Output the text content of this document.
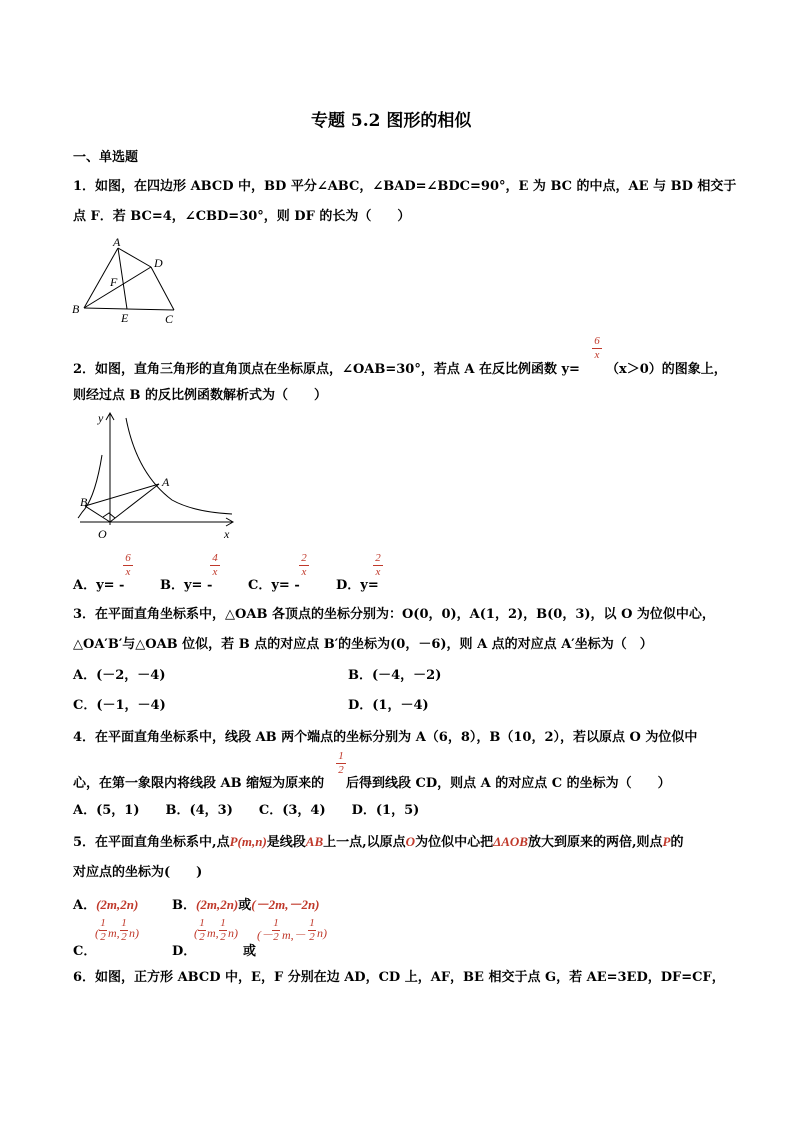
专题 5.2 图形的相似
一、单选题
1．如图，在四边形 ABCD 中，BD 平分∠ABC，∠BAD=∠BDC=90°，E 为 BC 的中点，AE 与 BD 相交于
点 F．若 BC=4，∠CBD=30°，则 DF 的长为（　　）
A
D
F
B
E	C
2．如图，直角三角形的直角顶点在坐标原点，∠OAB=30°，若点 A 在反比例函数 y=
6
x
（x＞0）的图象上，
则经过点 B 的反比例函数解析式为（　　）
y
A
B
O	x
A．y= -
6
x
B．y= -
4
x
C．y= -
2
x
D．y=
2
x
3．在平面直角坐标系中，△OAB 各顶点的坐标分别为：O(0，0)，A(1，2)，B(0，3)，以 O 为位似中心，
△OA′B′与△OAB 位似，若 B 点的对应点 B′的坐标为(0，－6)，则 A 点的对应点 A′坐标为（　）
A．(－2，－4)	B．(－4，－2)
C．(－1，－4)	D．(1，－4)
4．在平面直角坐标系中，线段 AB 两个端点的坐标分别为 A（6，8），B（10，2），若以原点 O 为位似中
心，在第一象限内将线段 AB 缩短为原来的
1
2
后得到线段 CD，则点 A 的对应点 C 的坐标为（　　）
A．(5，1)　　B．(4，3)　　C．(3，4)　　D．(1，5)
5．在平面直角坐标系中,点P(m,n)是线段AB上一点,以原点O为位似中心把ΔAOB放大到原来的两倍,则点P的
对应点的坐标为(　　)
A．(2m,2n)	B．(2m,2n)或(－2m,－2n)
C．
(
1
2 m,
1
2 n)
D．
(
1
2 m,
1
2 n)
或
(－
1
2 m,－
1
2 n)
6．如图，正方形 ABCD 中，E，F 分别在边 AD，CD 上，AF，BE 相交于点 G，若 AE=3ED，DF=CF，
